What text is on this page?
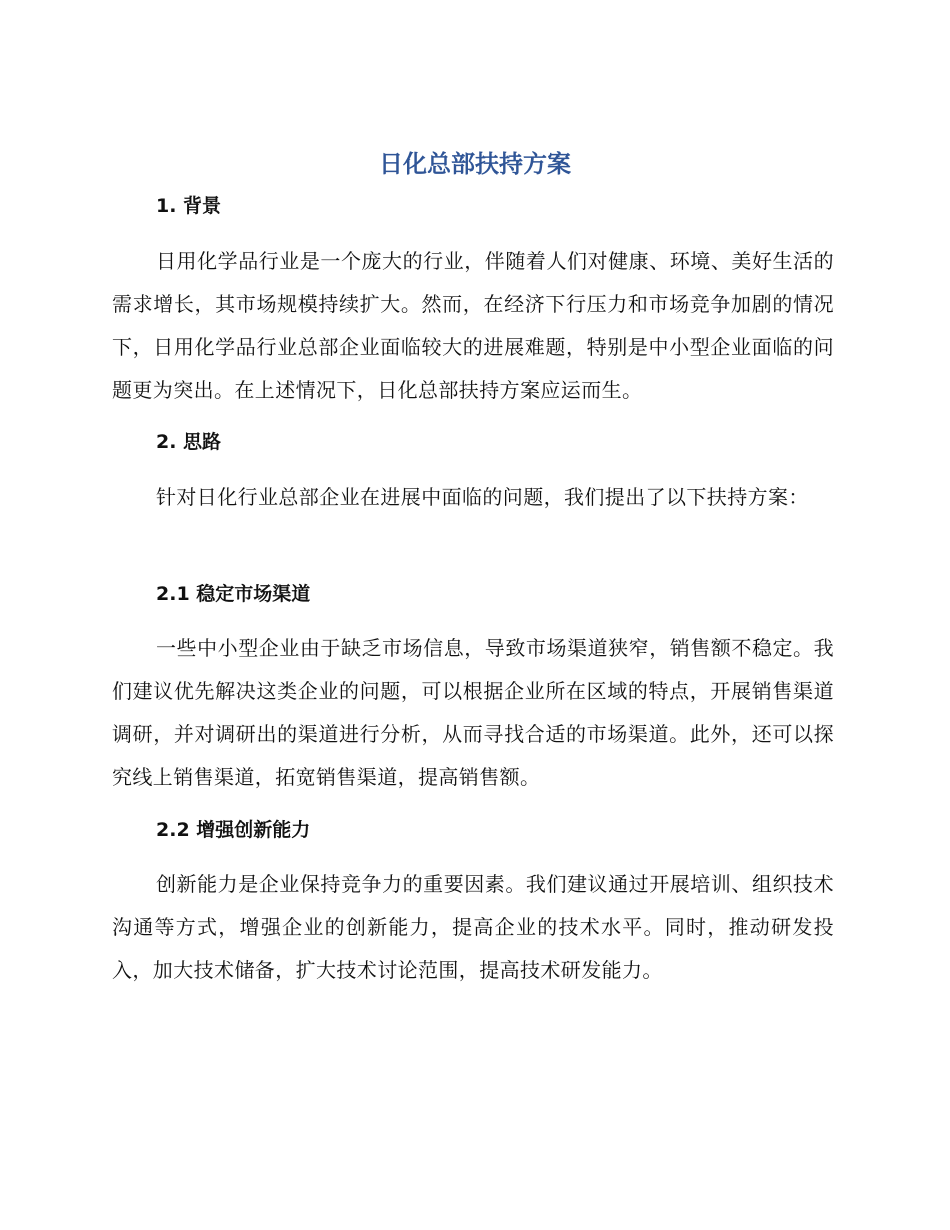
日化总部扶持方案
1. 背景

日用化学品行业是一个庞大的行业，伴随着人们对健康、环境、美好生活的需求增长，其市场规模持续扩大。然而，在经济下行压力和市场竞争加剧的情况下，日用化学品行业总部企业面临较大的进展难题，特别是中小型企业面临的问题更为突出。在上述情况下，日化总部扶持方案应运而生。

2. 思路

针对日化行业总部企业在进展中面临的问题，我们提出了以下扶持方案：

2.1 稳定市场渠道

一些中小型企业由于缺乏市场信息，导致市场渠道狭窄，销售额不稳定。我们建议优先解决这类企业的问题，可以根据企业所在区域的特点，开展销售渠道调研，并对调研出的渠道进行分析，从而寻找合适的市场渠道。此外，还可以探究线上销售渠道，拓宽销售渠道，提高销售额。

2.2 增强创新能力

创新能力是企业保持竞争力的重要因素。我们建议通过开展培训、组织技术沟通等方式，增强企业的创新能力，提高企业的技术水平。同时，推动研发投入，加大技术储备，扩大技术讨论范围，提高技术研发能力。
